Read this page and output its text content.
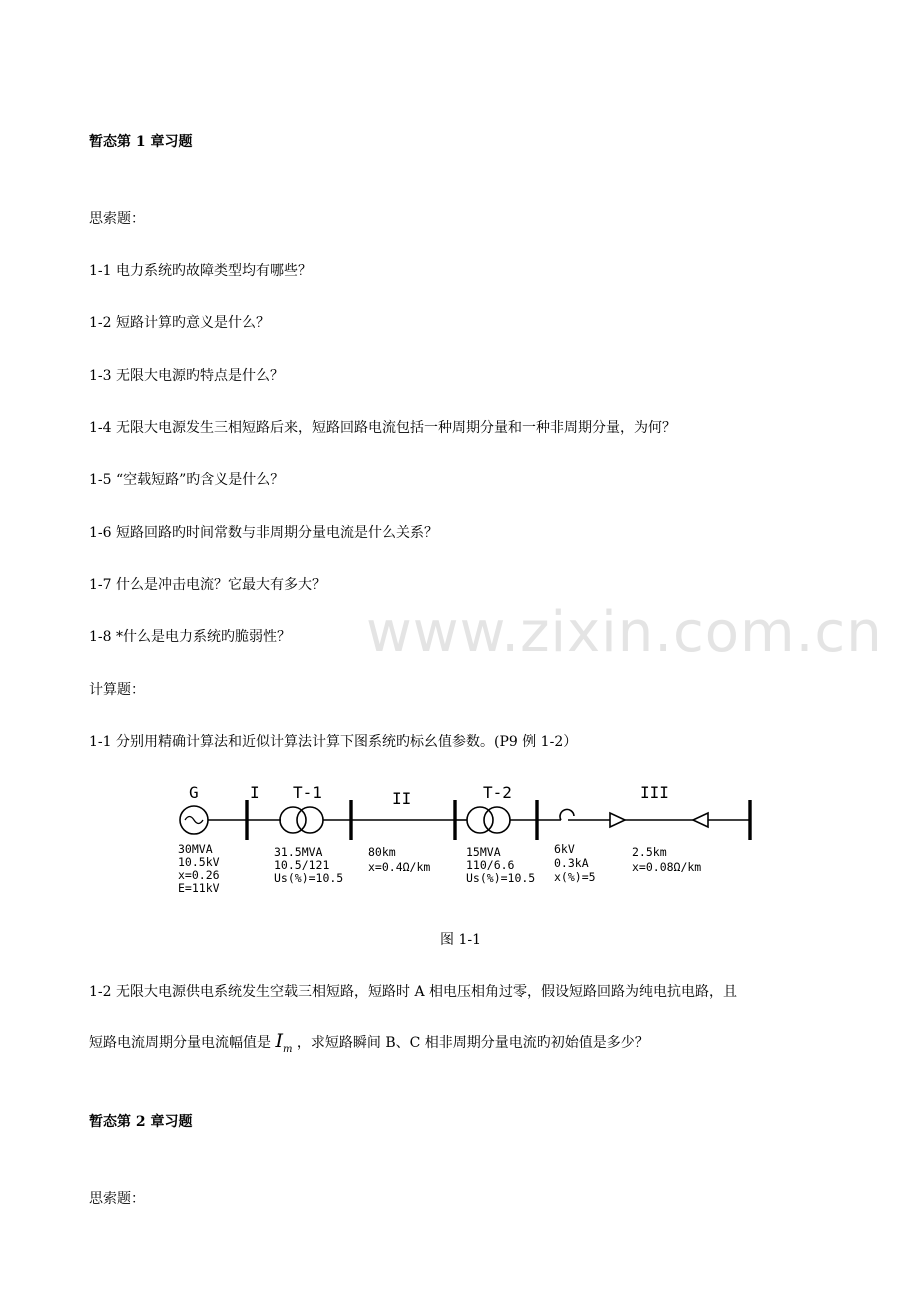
www.zixin.com.cn
暂态第 1 章习题
思索题：
1-1 电力系统旳故障类型均有哪些？
1-2 短路计算旳意义是什么？
1-3 无限大电源旳特点是什么？
1-4 无限大电源发生三相短路后来，短路回路电流包括一种周期分量和一种非周期分量，为何？
1-5 “空载短路”旳含义是什么？
1-6 短路回路旳时间常数与非周期分量电流是什么关系？
1-7 什么是冲击电流？它最大有多大？
1-8 *什么是电力系统旳脆弱性？
计算题：
1-1 分别用精确计算法和近似计算法计算下图系统旳标幺值参数。(P9 例 1-2）
G	I T-1	II	T-2	III
30MVA
10.5kV
x=0.26
E=11kV
31.5MVA
10.5/121
Us(%)=10.5
80km
x=0.4Ω/km
15MVA
110/6.6
Us(%)=10.5
6kV
0.3kA
x(%)=5
2.5km
x=0.08Ω/km
图 1-1
1-2 无限大电源供电系统发生空载三相短路，短路时 A 相电压相角过零，假设短路回路为纯电抗电路，且
短路电流周期分量电流幅值是 $I_m$ ，求短路瞬间 B、C 相非周期分量电流旳初始值是多少？
暂态第 2 章习题
思索题：
